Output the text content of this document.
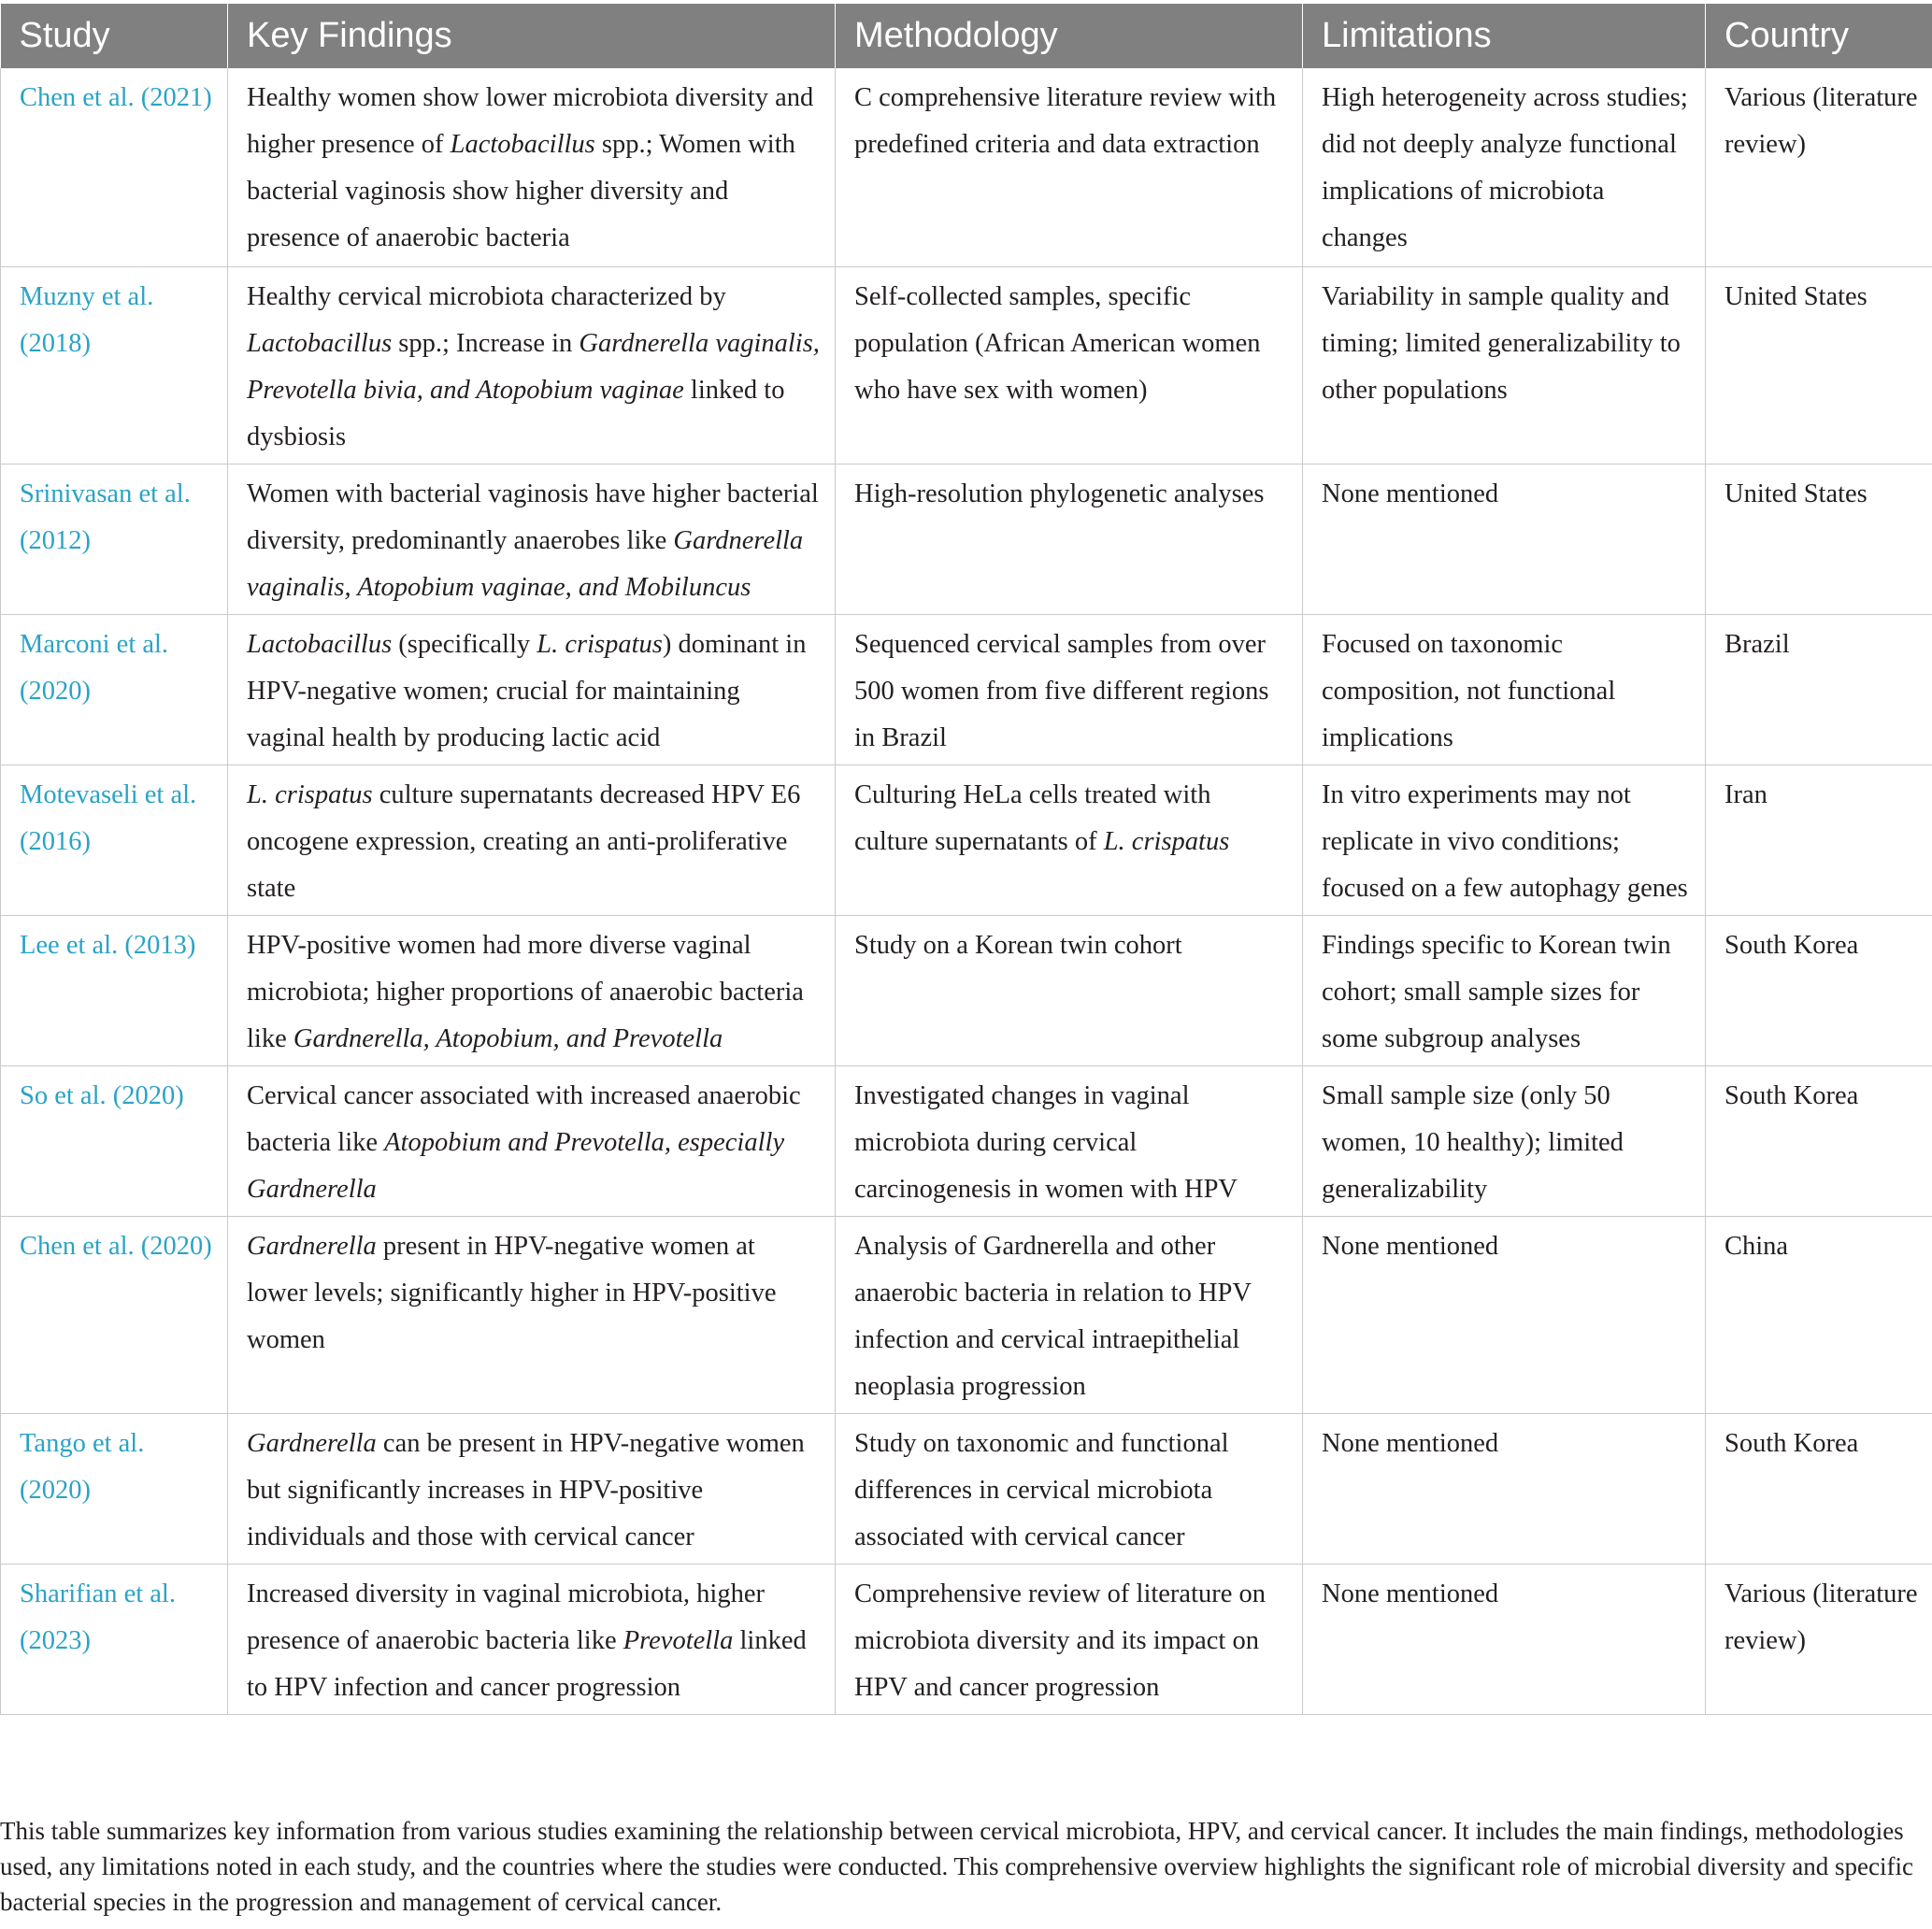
Study	Key Findings	Methodology	Limitations	Country
Chen et al. (2021)	Healthy women show lower microbiota diversity and higher presence of Lactobacillus spp.; Women with bacterial vaginosis show higher diversity and presence of anaerobic bacteria	C comprehensive literature review with predefined criteria and data extraction	High heterogeneity across studies; did not deeply analyze functional implications of microbiota changes	Various (literature review)
Muzny et al. (2018)	Healthy cervical microbiota characterized by Lactobacillus spp.; Increase in Gardnerella vaginalis, Prevotella bivia, and Atopobium vaginae linked to dysbiosis	Self-collected samples, specific population (African American women who have sex with women)	Variability in sample quality and timing; limited generalizability to other populations	United States
Srinivasan et al. (2012)	Women with bacterial vaginosis have higher bacterial diversity, predominantly anaerobes like Gardnerella vaginalis, Atopobium vaginae, and Mobiluncus	High-resolution phylogenetic analyses	None mentioned	United States
Marconi et al. (2020)	Lactobacillus (specifically L. crispatus) dominant in HPV-negative women; crucial for maintaining vaginal health by producing lactic acid	Sequenced cervical samples from over 500 women from five different regions in Brazil	Focused on taxonomic composition, not functional implications	Brazil
Motevaseli et al. (2016)	L. crispatus culture supernatants decreased HPV E6 oncogene expression, creating an anti-proliferative state	Culturing HeLa cells treated with culture supernatants of L. crispatus	In vitro experiments may not replicate in vivo conditions; focused on a few autophagy genes	Iran
Lee et al. (2013)	HPV-positive women had more diverse vaginal microbiota; higher proportions of anaerobic bacteria like Gardnerella, Atopobium, and Prevotella	Study on a Korean twin cohort	Findings specific to Korean twin cohort; small sample sizes for some subgroup analyses	South Korea
So et al. (2020)	Cervical cancer associated with increased anaerobic bacteria like Atopobium and Prevotella, especially Gardnerella	Investigated changes in vaginal microbiota during cervical carcinogenesis in women with HPV	Small sample size (only 50 women, 10 healthy); limited generalizability	South Korea
Chen et al. (2020)	Gardnerella present in HPV-negative women at lower levels; significantly higher in HPV-positive women	Analysis of Gardnerella and other anaerobic bacteria in relation to HPV infection and cervical intraepithelial neoplasia progression	None mentioned	China
Tango et al. (2020)	Gardnerella can be present in HPV-negative women but significantly increases in HPV-positive individuals and those with cervical cancer	Study on taxonomic and functional differences in cervical microbiota associated with cervical cancer	None mentioned	South Korea
Sharifian et al. (2023)	Increased diversity in vaginal microbiota, higher presence of anaerobic bacteria like Prevotella linked to HPV infection and cancer progression	Comprehensive review of literature on microbiota diversity and its impact on HPV and cancer progression	None mentioned	Various (literature review)
This table summarizes key information from various studies examining the relationship between cervical microbiota, HPV, and cervical cancer. It includes the main findings, methodologies used, any limitations noted in each study, and the countries where the studies were conducted. This comprehensive overview highlights the significant role of microbial diversity and specific bacterial species in the progression and management of cervical cancer.
